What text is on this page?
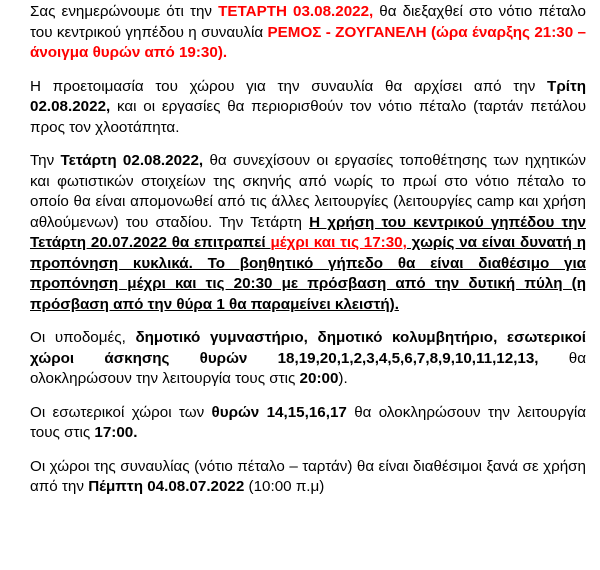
Σας ενημερώνουμε ότι την ΤΕΤΑΡΤΗ 03.08.2022, θα διεξαχθεί στο νότιο πέταλο του κεντρικού γηπέδου η συναυλία ΡΕΜΟΣ - ΖΟΥΓΑΝΕΛΗ (ώρα έναρξης 21:30 – άνοιγμα θυρών από 19:30).

Η προετοιμασία του χώρου για την συναυλία θα αρχίσει από την Τρίτη 02.08.2022, και οι εργασίες θα περιορισθούν τον νότιο πέταλο (ταρτάν πετάλου προς τον χλοοτάπητα.

Την Τετάρτη 02.08.2022, θα συνεχίσουν οι εργασίες τοποθέτησης των ηχητικών και φωτιστικών στοιχείων της σκηνής από νωρίς το πρωί στο νότιο πέταλο το οποίο θα είναι απομονωθεί από τις άλλες λειτουργίες (λειτουργίες camp και χρήση αθλούμενων) του σταδίου. Την Τετάρτη Η χρήση του κεντρικού γηπέδου την Τετάρτη 20.07.2022 θα επιτραπεί μέχρι και τις 17:30, χωρίς να είναι δυνατή η προπόνηση κυκλικά. Το βοηθητικό γήπεδο θα είναι διαθέσιμο για προπόνηση μέχρι και τις 20:30 με πρόσβαση από την δυτική πύλη (η πρόσβαση από την θύρα 1 θα παραμείνει κλειστή).

Οι υποδομές, δημοτικό γυμναστήριο, δημοτικό κολυμβητήριο, εσωτερικοί χώροι άσκησης θυρών 18,19,20,1,2,3,4,5,6,7,8,9,10,11,12,13, θα ολοκληρώσουν την λειτουργία τους στις 20:00).

Οι εσωτερικοί χώροι των θυρών 14,15,16,17 θα ολοκληρώσουν την λειτουργία τους στις 17:00.

Οι χώροι της συναυλίας (νότιο πέταλο – ταρτάν) θα είναι διαθέσιμοι ξανά σε χρήση από την Πέμπτη 04.08.07.2022 (10:00 π.μ)
